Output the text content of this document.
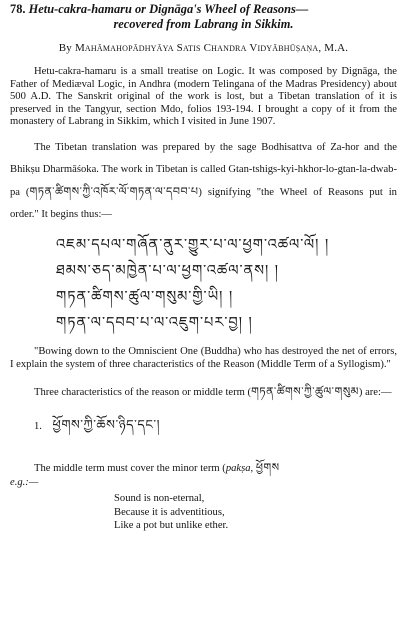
78. Hetu-cakra-hamaru or Dignāga's Wheel of Reasons—
recovered from Labrang in Sikkim.
By Mahāmahopādhyāya Satis Chandra Vidyābhūṣaṇa, M.A.

Hetu-cakra-hamaru is a small treatise on Logic. It was composed by Dignāga, the Father of Mediæval Logic, in Andhra (modern Telingana of the Madras Presidency) about 500 A.D. The Sanskrit original of the work is lost, but a Tibetan translation of it is preserved in the Tangyur, section Mdo, folios 193-194. I brought a copy of it from the monastery of Labrang in Sikkim, which I visited in June 1907.

The Tibetan translation was prepared by the sage Bodhisattva of Za-hor and the Bhikṣu Dharmāśoka. The work in Tibetan is called Gtan-tshigs-kyi-hkhor-lo-gtan-la-dwab-pa (གཏན་ཚིགས་ཀྱི་འཁོར་ལོ་གཏན་ལ་དབབ་པ) signifying "the Wheel of Reasons put in order." It begins thus:—

འཇམ་དཔལ་གཞོན་ནུར་གྱུར་པ་ལ་ཕྱག་འཚལ་ལོ། །
ཐམས་ཅད་མཁྱེན་པ་ལ་ཕྱག་འཚལ་ནས། །
གཏན་ཚིགས་ཚུལ་གསུམ་གྱི་ཡི། །
གཏན་ལ་དབབ་པ་ལ་འཇུག་པར་བྱ། །

"Bowing down to the Omniscient One (Buddha) who has destroyed the net of errors, I explain the system of three characteristics of the Reason (Middle Term of a Syllogism)."

Three characteristics of the reason or middle term (གཏན་ཚིགས་ཀྱི་ཚུལ་གསུམ) are:—

1. ཕྱོགས་ཀྱི་ཆོས་ཉིད་དང་།

The middle term must cover the minor term (pakṣa, ཕྱོགས
e.g.:—

Sound is non-eternal,
Because it is adventitious,
Like a pot but unlike ether.
